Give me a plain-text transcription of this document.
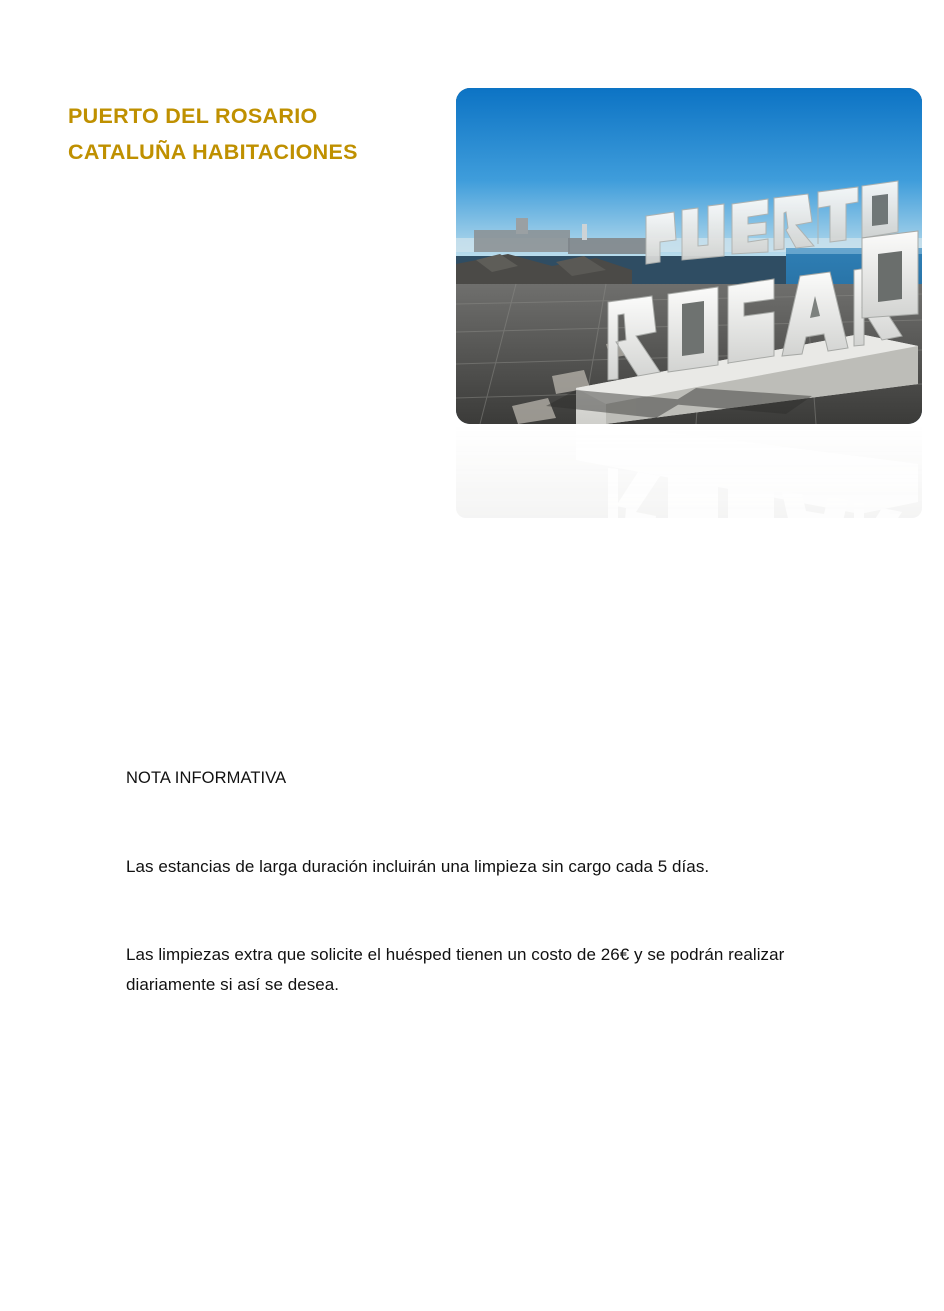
PUERTO DEL ROSARIO
CATALUÑA HABITACIONES

NOTA INFORMATIVA

Las estancias de larga duración incluirán una limpieza sin cargo cada 5 días.

Las limpiezas extra que solicite el huésped tienen un costo de 26€ y se podrán realizar diariamente si así se desea.
